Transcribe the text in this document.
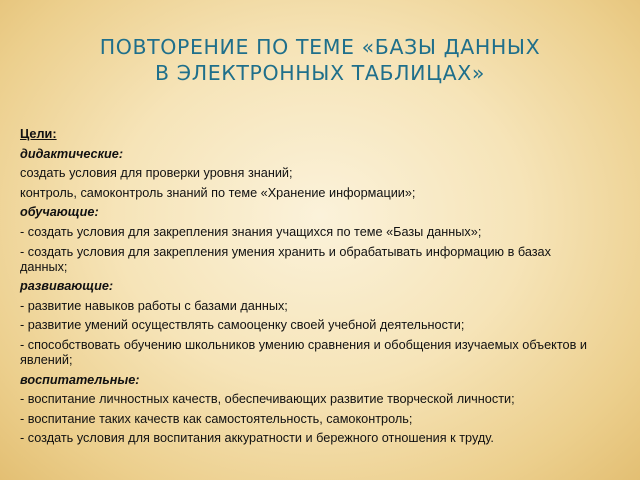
ПОВТОРЕНИЕ ПО ТЕМЕ «БАЗЫ ДАННЫХ
В ЭЛЕКТРОННЫХ ТАБЛИЦАХ»

Цели:

дидактические:

создать условия для проверки уровня знаний;

контроль, самоконтроль знаний по теме «Хранение информации»;

обучающие:

- создать условия для закрепления знания учащихся по теме «Базы данных»;

- создать условия для закрепления умения хранить и обрабатывать информацию в базах данных;

развивающие:

- развитие навыков работы с базами данных;

- развитие умений осуществлять самооценку своей учебной деятельности;

- способствовать обучению школьников умению сравнения и обобщения изучаемых объектов и явлений;

воспитательные:

- воспитание личностных качеств, обеспечивающих развитие творческой личности;

- воспитание таких качеств как самостоятельность, самоконтроль;

- создать условия для воспитания аккуратности и бережного отношения к труду.
